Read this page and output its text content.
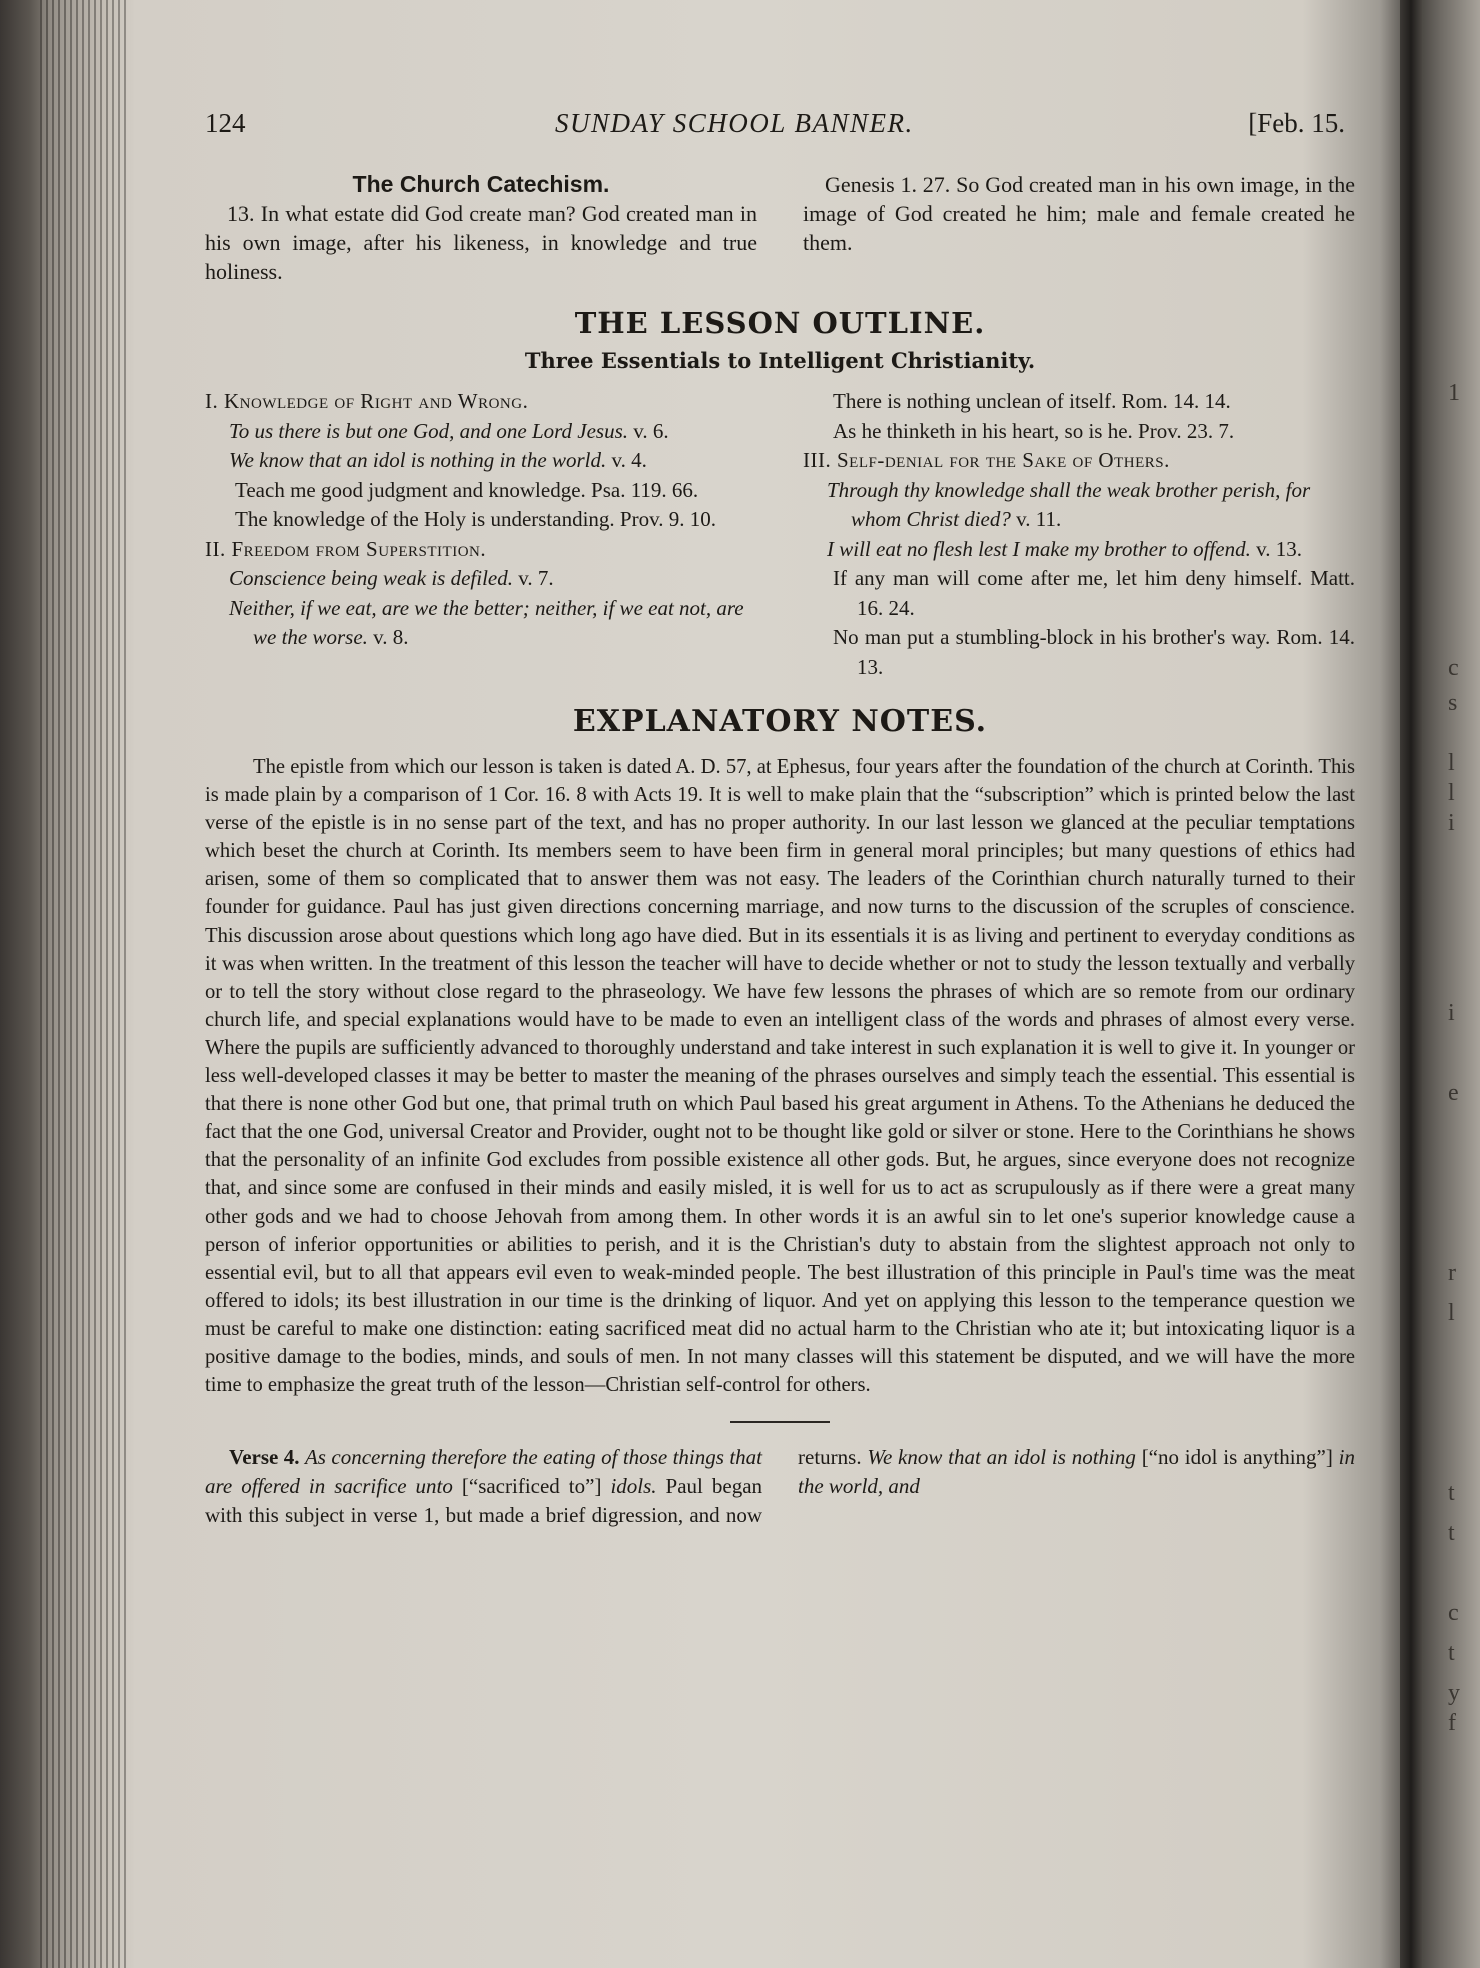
1
c
s
l
l
i
i
e
r
l
t
t
c
t
y
f
124	SUNDAY SCHOOL BANNER.	[Feb. 15.
The Church Catechism.
13. In what estate did God create man? God created man in his own image, after his likeness, in knowledge and true holiness.
Genesis 1. 27. So God created man in his own image, in the image of God created he him; male and female created he them.
THE LESSON OUTLINE.
Three Essentials to Intelligent Christianity.
I. Knowledge of Right and Wrong.
To us there is but one God, and one Lord Jesus. v. 6.
We know that an idol is nothing in the world. v. 4.
Teach me good judgment and knowledge. Psa. 119. 66.
The knowledge of the Holy is understanding. Prov. 9. 10.
II. Freedom from Superstition.
Conscience being weak is defiled. v. 7.
Neither, if we eat, are we the better; neither, if we eat not, are we the worse. v. 8.
There is nothing unclean of itself. Rom. 14. 14.
As he thinketh in his heart, so is he. Prov. 23. 7.
III. Self-denial for the Sake of Others.
Through thy knowledge shall the weak brother perish, for whom Christ died? v. 11.
I will eat no flesh lest I make my brother to offend. v. 13.
If any man will come after me, let him deny himself. Matt. 16. 24.
No man put a stumbling-block in his brother's way. Rom. 14. 13.
EXPLANATORY NOTES.
The epistle from which our lesson is taken is dated A. D. 57, at Ephesus, four years after the foundation of the church at Corinth. This is made plain by a comparison of 1 Cor. 16. 8 with Acts 19. It is well to make plain that the “subscription” which is printed below the last verse of the epistle is in no sense part of the text, and has no proper authority. In our last lesson we glanced at the peculiar temptations which beset the church at Corinth. Its members seem to have been firm in general moral principles; but many questions of ethics had arisen, some of them so complicated that to answer them was not easy. The leaders of the Corinthian church naturally turned to their founder for guidance. Paul has just given directions concerning marriage, and now turns to the discussion of the scruples of conscience. This discussion arose about questions which long ago have died. But in its essentials it is as living and pertinent to everyday conditions as it was when written. In the treatment of this lesson the teacher will have to decide whether or not to study the lesson textually and verbally or to tell the story without close regard to the phraseology. We have few lessons the phrases of which are so remote from our ordinary church life, and special explanations would have to be made to even an intelligent class of the words and phrases of almost every verse. Where the pupils are sufficiently advanced to thoroughly understand and take interest in such explanation it is well to give it. In younger or less well-developed classes it may be better to master the meaning of the phrases ourselves and simply teach the essential. This essential is that there is none other God but one, that primal truth on which Paul based his great argument in Athens. To the Athenians he deduced the fact that the one God, universal Creator and Provider, ought not to be thought like gold or silver or stone. Here to the Corinthians he shows that the personality of an infinite God excludes from possible existence all other gods. But, he argues, since everyone does not recognize that, and since some are confused in their minds and easily misled, it is well for us to act as scrupulously as if there were a great many other gods and we had to choose Jehovah from among them. In other words it is an awful sin to let one's superior knowledge cause a person of inferior opportunities or abilities to perish, and it is the Christian's duty to abstain from the slightest approach not only to essential evil, but to all that appears evil even to weak-minded people. The best illustration of this principle in Paul's time was the meat offered to idols; its best illustration in our time is the drinking of liquor. And yet on applying this lesson to the temperance question we must be careful to make one distinction: eating sacrificed meat did no actual harm to the Christian who ate it; but intoxicating liquor is a positive damage to the bodies, minds, and souls of men. In not many classes will this statement be disputed, and we will have the more time to emphasize the great truth of the lesson—Christian self-control for others.
Verse 4. As concerning therefore the eating of those things that are offered in sacrifice unto [“sacrificed to”] idols. Paul began with this subject in verse 1, but made a brief digression, and now returns. We know that an idol is nothing [“no idol is anything”] in the world, and
